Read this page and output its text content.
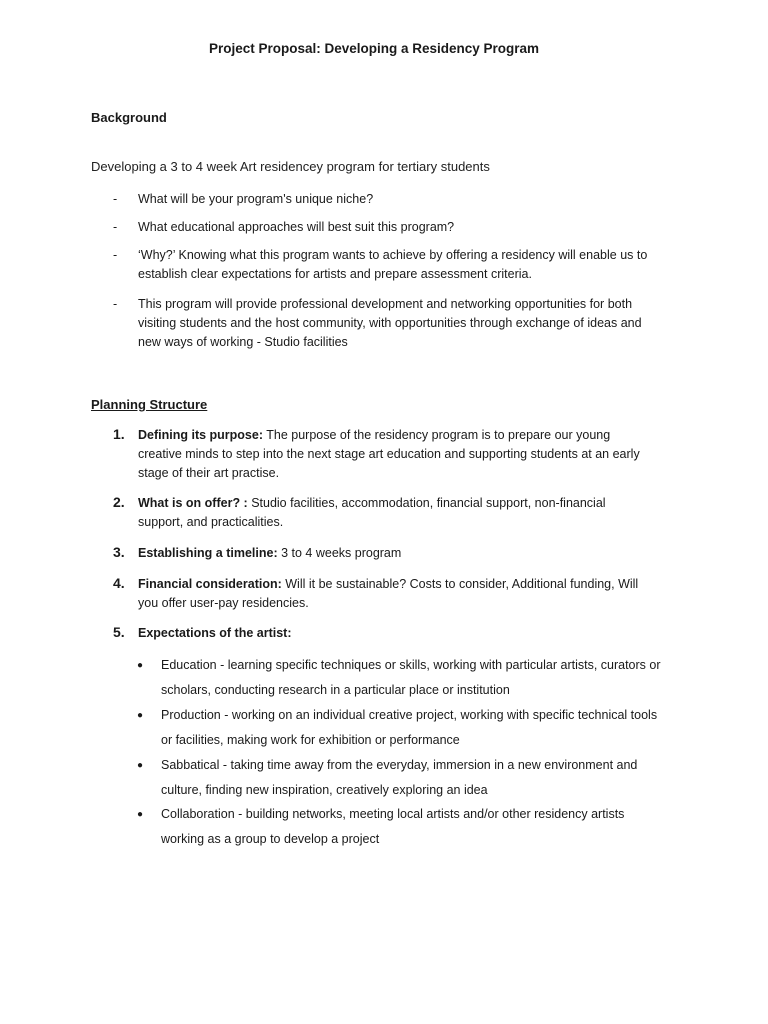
Project Proposal: Developing a Residency Program
Background
Developing a 3 to 4 week Art residencey program for tertiary students
- What will be your program's unique niche?
- What educational approaches will best suit this program?
- ‘Why?’ Knowing what this program wants to achieve by offering a residency will enable us to establish clear expectations for artists and prepare assessment criteria.
- This program will provide professional development and networking opportunities for both visiting students and the host community, with opportunities through exchange of ideas and new ways of working - Studio facilities
Planning Structure
1. Defining its purpose: The purpose of the residency program is to prepare our young creative minds to step into the next stage art education and supporting students at an early stage of their art practise.
2. What is on offer? : Studio facilities, accommodation, financial support, non-financial support, and practicalities.
3. Establishing a timeline: 3 to 4 weeks program
4. Financial consideration: Will it be sustainable? Costs to consider, Additional funding, Will you offer user-pay residencies.
5. Expectations of the artist:
● Education - learning specific techniques or skills, working with particular artists, curators or scholars, conducting research in a particular place or institution
● Production - working on an individual creative project, working with specific technical tools or facilities, making work for exhibition or performance
● Sabbatical - taking time away from the everyday, immersion in a new environment and culture, finding new inspiration, creatively exploring an idea
● Collaboration - building networks, meeting local artists and/or other residency artists working as a group to develop a project
